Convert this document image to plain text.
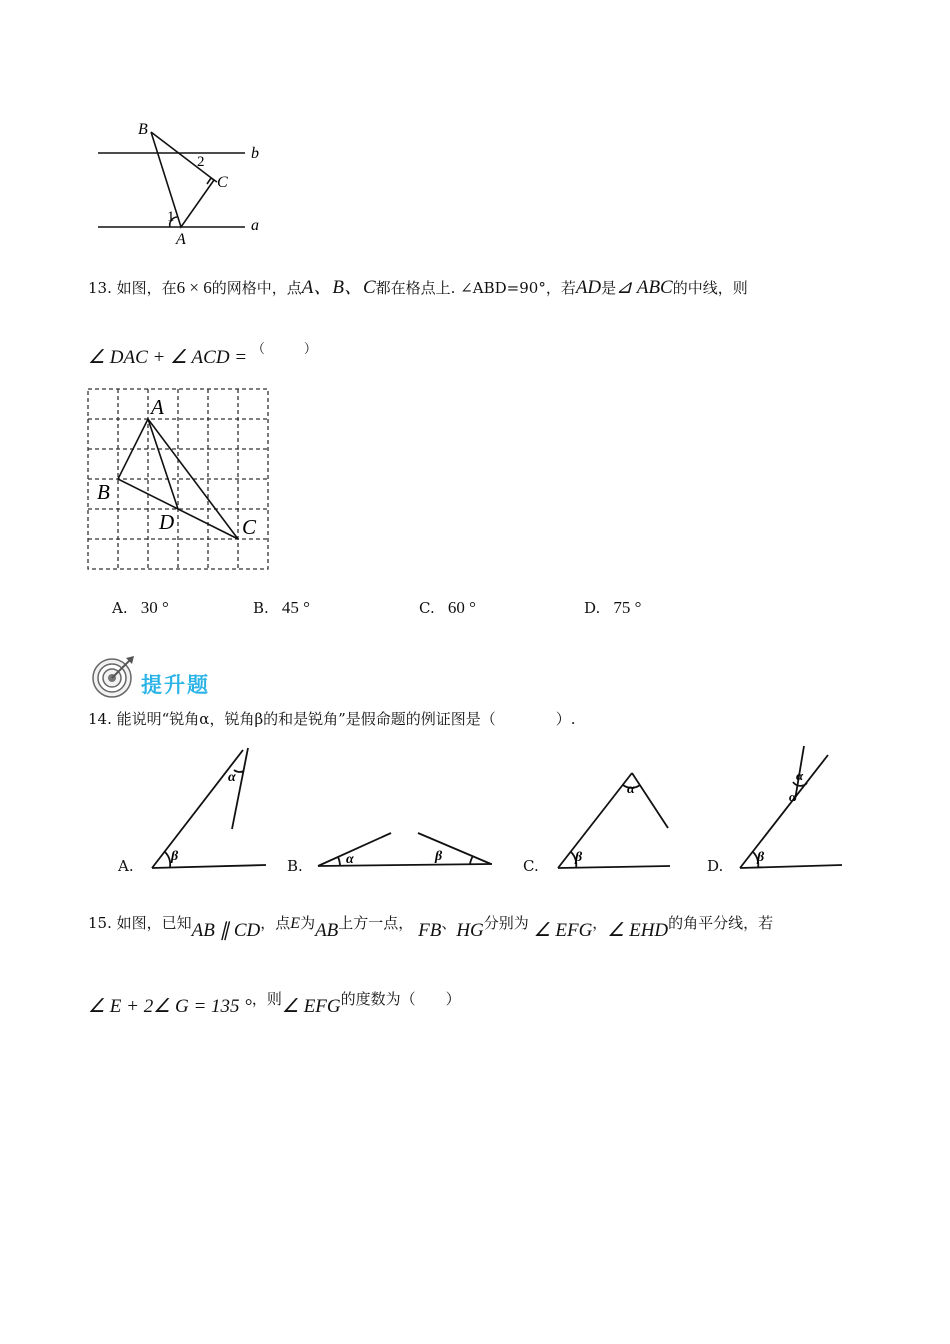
B
C
A
b
a
1
2
13. 如图，在6 × 6的网格中，点A、B、C都在格点上. ∠ABD=90°，若AD是⊿ ABC的中线，则
∠ DAC + ∠ ACD = （　　　）
A
B
D	C
A. 30 °	B. 45 °	C. 60 °	D. 75 °
提升题
14. 能说明“锐角α，锐角β的和是锐角”是假命题的例证图是（　　　　）.
α
β	α	β
α
β
α
β
α
A.	B.	C.	D.
15. 如图，已知AB ∥ CD，点E为AB上方一点， FB、HG分别为 ∠ EFG，∠ EHD的角平分线，若
∠ E + 2∠ G = 135 °，则∠ EFG的度数为（　　）
